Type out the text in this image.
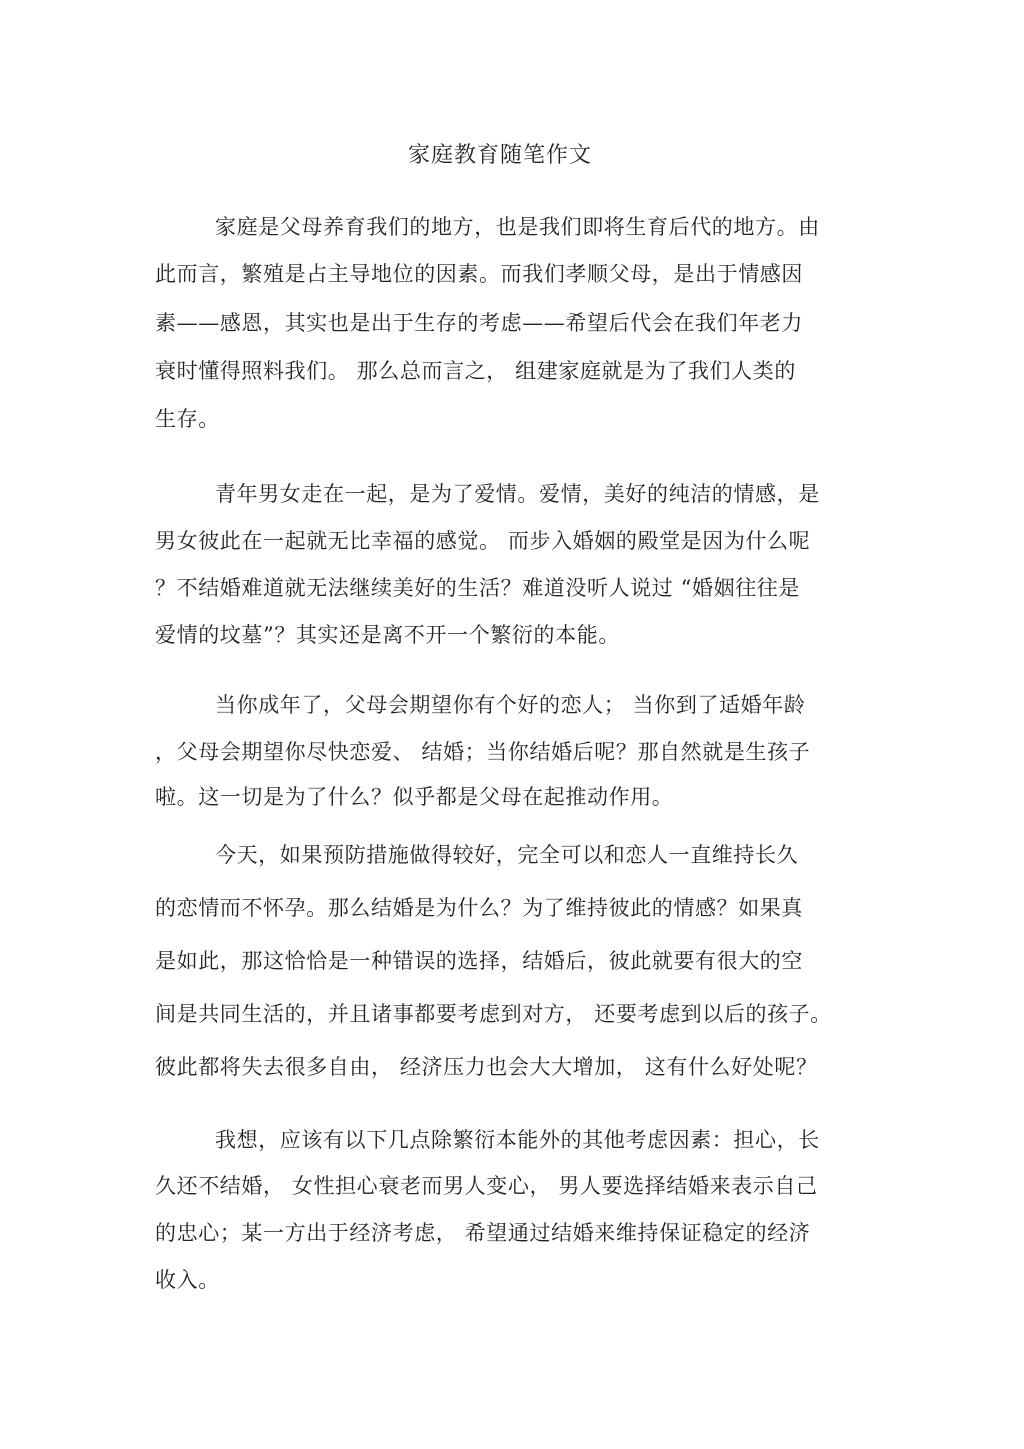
家庭教育随笔作文
家庭是父母养育我们的地方，也是我们即将生育后代的地方。由
此而言，繁殖是占主导地位的因素。而我们孝顺父母，是出于情感因
素——感恩，其实也是出于生存的考虑——希望后代会在我们年老力
衰时懂得照料我们。 那么总而言之， 组建家庭就是为了我们人类的
生存。
青年男女走在一起，是为了爱情。爱情，美好的纯洁的情感，是
男女彼此在一起就无比幸福的感觉。 而步入婚姻的殿堂是因为什么呢
？不结婚难道就无法继续美好的生活？难道没听人说过 “婚姻往往是
爱情的坟墓”？其实还是离不开一个繁衍的本能。
当你成年了，父母会期望你有个好的恋人； 当你到了适婚年龄
，父母会期望你尽快恋爱、 结婚；当你结婚后呢？那自然就是生孩子
啦。这一切是为了什么？似乎都是父母在起推动作用。
今天，如果预防措施做得较好，完全可以和恋人一直维持长久
的恋情而不怀孕。那么结婚是为什么？为了维持彼此的情感？如果真
是如此，那这恰恰是一种错误的选择，结婚后，彼此就要有很大的空
间是共同生活的，并且诸事都要考虑到对方， 还要考虑到以后的孩子。
彼此都将失去很多自由， 经济压力也会大大增加， 这有什么好处呢？
我想，应该有以下几点除繁衍本能外的其他考虑因素：担心，长
久还不结婚， 女性担心衰老而男人变心， 男人要选择结婚来表示自己
的忠心；某一方出于经济考虑， 希望通过结婚来维持保证稳定的经济
收入。
